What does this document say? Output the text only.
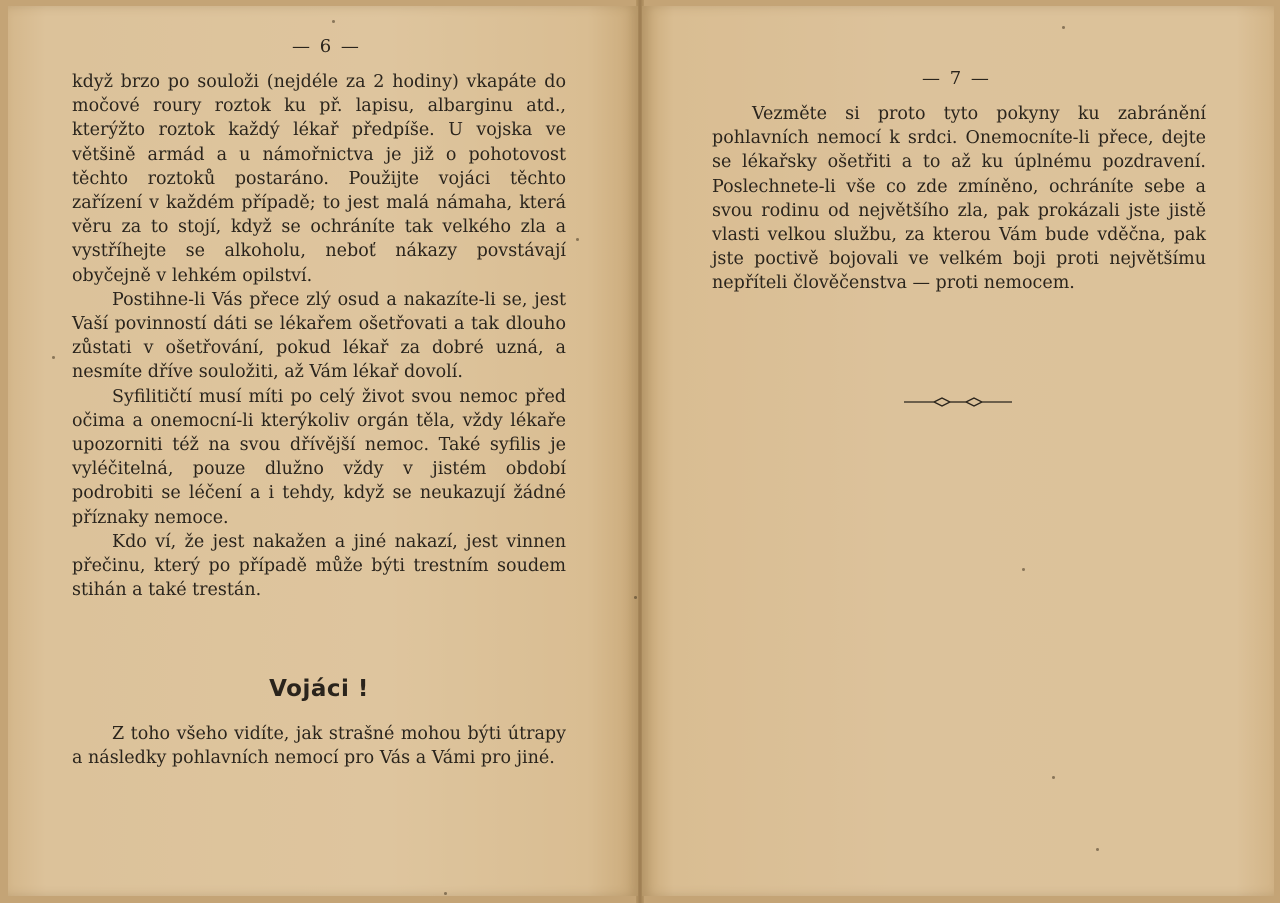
— 6 —

když brzo po souloži (nejdéle za 2 hodiny) vkapáte do močové roury roztok ku př. lapisu, albarginu atd., kterýžto roztok každý lékař předpíše. U vojska ve většině armád a u námořnictva je již o pohotovost těchto roztoků postaráno. Použijte vojáci těchto zařízení v každém případě; to jest malá námaha, která věru za to stojí, když se ochráníte tak velkého zla a vystříhejte se alkoholu, neboť nákazy povstávají obyčejně v lehkém opilství.

Postihne-li Vás přece zlý osud a nakazíte-li se, jest Vaší povinností dáti se lékařem ošetřovati a tak dlouho zůstati v ošetřování, pokud lékař za dobré uzná, a nesmíte dříve souložiti, až Vám lékař dovolí.

Syfilitičtí musí míti po celý život svou nemoc před očima a onemocní-li kterýkoliv orgán těla, vždy lékaře upozorniti též na svou dřívější nemoc. Také syfilis je vyléčitelná, pouze dlužno vždy v jistém období podrobiti se léčení a i tehdy, když se neukazují žádné příznaky nemoce.

Kdo ví, že jest nakažen a jiné nakazí, jest vinnen přečinu, který po případě může býti trestním soudem stihán a také trestán.

Vojáci !

Z toho všeho vidíte, jak strašné mohou býti útrapy a následky pohlavních nemocí pro Vás a Vámi pro jiné.

— 7 —

Vezměte si proto tyto pokyny ku zabránění pohlavních nemocí k srdci. Onemocníte-li přece, dejte se lékařsky ošetřiti a to až ku úplnému pozdravení. Poslechnete-li vše co zde zmíněno, ochráníte sebe a svou rodinu od největšího zla, pak prokázali jste jistě vlasti velkou službu, za kterou Vám bude vděčna, pak jste poctivě bojovali ve velkém boji proti největšímu nepříteli člověčenstva — proti nemocem.
